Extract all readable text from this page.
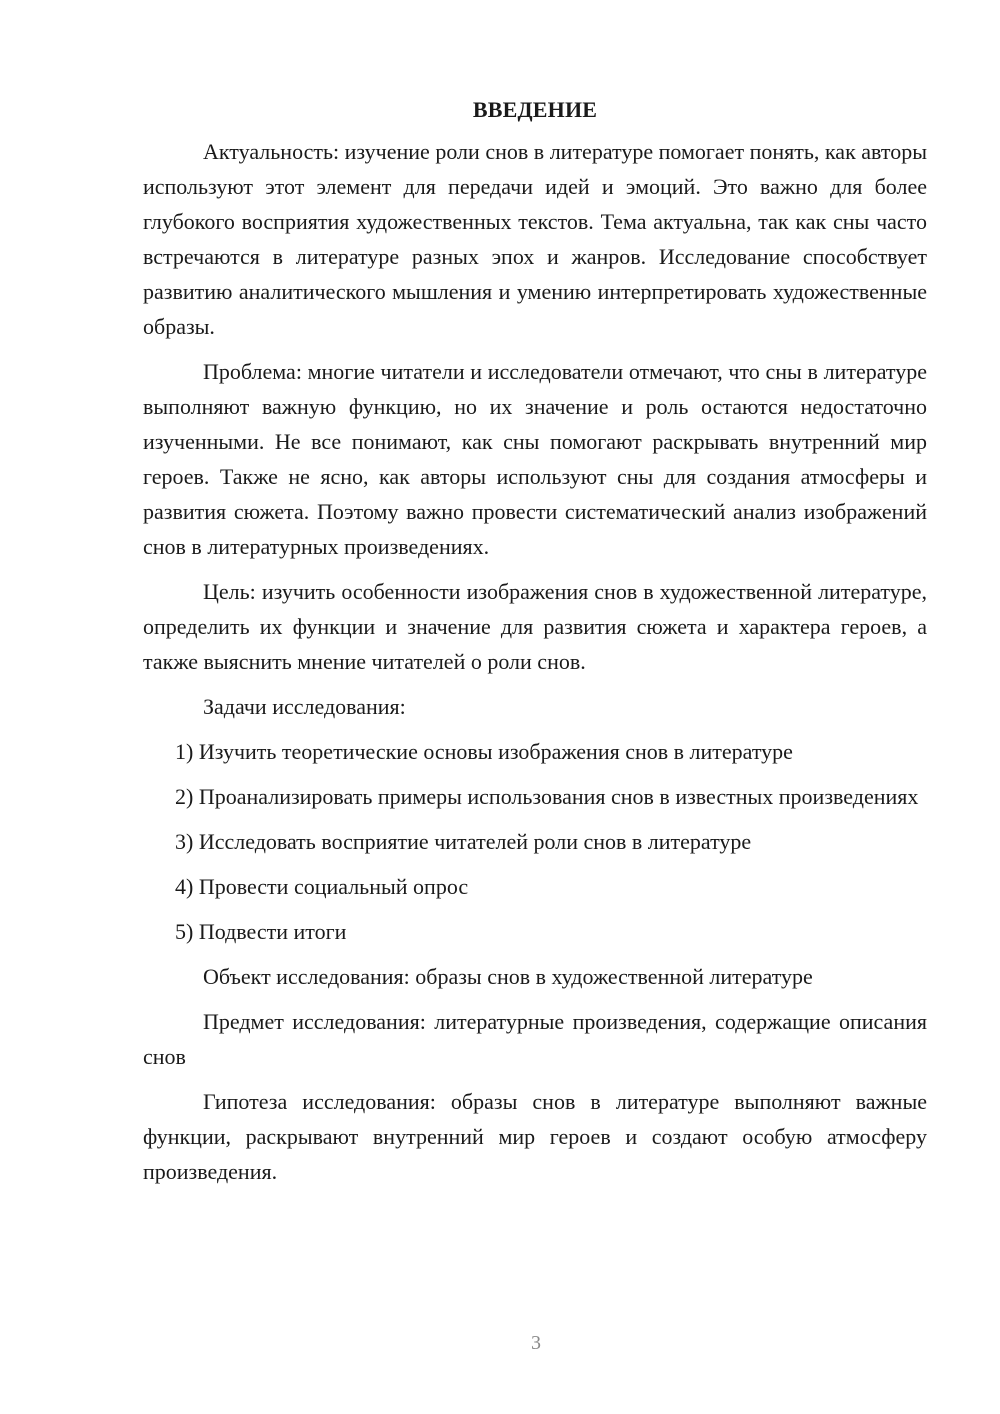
ВВЕДЕНИЕ

Актуальность: изучение роли снов в литературе помогает понять, как авторы используют этот элемент для передачи идей и эмоций. Это важно для более глубокого восприятия художественных текстов. Тема актуальна, так как сны часто встречаются в литературе разных эпох и жанров. Исследование способствует развитию аналитического мышления и умению интерпретировать художественные образы.

Проблема: многие читатели и исследователи отмечают, что сны в литературе выполняют важную функцию, но их значение и роль остаются недостаточно изученными. Не все понимают, как сны помогают раскрывать внутренний мир героев. Также не ясно, как авторы используют сны для создания атмосферы и развития сюжета. Поэтому важно провести систематический анализ изображений снов в литературных произведениях.

Цель: изучить особенности изображения снов в художественной литературе, определить их функции и значение для развития сюжета и характера героев, а также выяснить мнение читателей о роли снов.

Задачи исследования:

1) Изучить теоретические основы изображения снов в литературе

2) Проанализировать примеры использования снов в известных произведениях

3) Исследовать восприятие читателей роли снов в литературе

4) Провести социальный опрос

5) Подвести итоги

Объект исследования: образы снов в художественной литературе

Предмет исследования: литературные произведения, содержащие описания снов

Гипотеза исследования: образы снов в литературе выполняют важные функции, раскрывают внутренний мир героев и создают особую атмосферу произведения.

3
